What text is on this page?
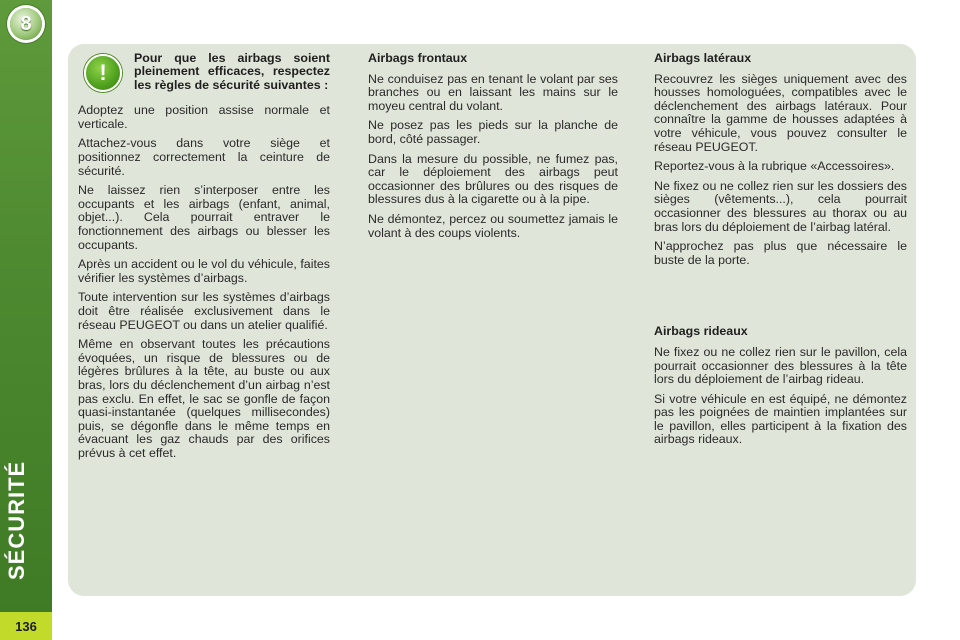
8
SÉCURITÉ
136
!

Pour que les airbags soient pleinement efficaces, respectez les règles de sécurité suivantes :

Adoptez une position assise normale et verticale.

Attachez-vous dans votre siège et positionnez correctement la ceinture de sécurité.

Ne laissez rien s’interposer entre les occupants et les airbags (enfant, animal, objet...). Cela pourrait entraver le fonctionnement des airbags ou blesser les occupants.

Après un accident ou le vol du véhicule, faites vérifier les systèmes d’airbags.

Toute intervention sur les systèmes d’airbags doit être réalisée exclusivement dans le réseau PEUGEOT ou dans un atelier qualifié.

Même en observant toutes les précautions évoquées, un risque de blessures ou de légères brûlures à la tête, au buste ou aux bras, lors du déclenchement d’un airbag n’est pas exclu. En effet, le sac se gonfle de façon quasi-instantanée (quelques millisecondes) puis, se dégonfle dans le même temps en évacuant les gaz chauds par des orifices prévus à cet effet.

Airbags frontaux

Ne conduisez pas en tenant le volant par ses branches ou en laissant les mains sur le moyeu central du volant.

Ne posez pas les pieds sur la planche de bord, côté passager.

Dans la mesure du possible, ne fumez pas, car le déploiement des airbags peut occasionner des brûlures ou des risques de blessures dus à la cigarette ou à la pipe.

Ne démontez, percez ou soumettez jamais le volant à des coups violents.

Airbags latéraux

Recouvrez les sièges uniquement avec des housses homologuées, compatibles avec le déclenchement des airbags latéraux. Pour connaître la gamme de housses adaptées à votre véhicule, vous pouvez consulter le réseau PEUGEOT.

Reportez-vous à la rubrique «Accessoires».

Ne fixez ou ne collez rien sur les dossiers des sièges (vêtements...), cela pourrait occasionner des blessures au thorax ou au bras lors du déploiement de l’airbag latéral.

N’approchez pas plus que nécessaire le buste de la porte.

Airbags rideaux

Ne fixez ou ne collez rien sur le pavillon, cela pourrait occasionner des blessures à la tête lors du déploiement de l’airbag rideau.

Si votre véhicule en est équipé, ne démontez pas les poignées de maintien implantées sur le pavillon, elles participent à la fixation des airbags rideaux.
